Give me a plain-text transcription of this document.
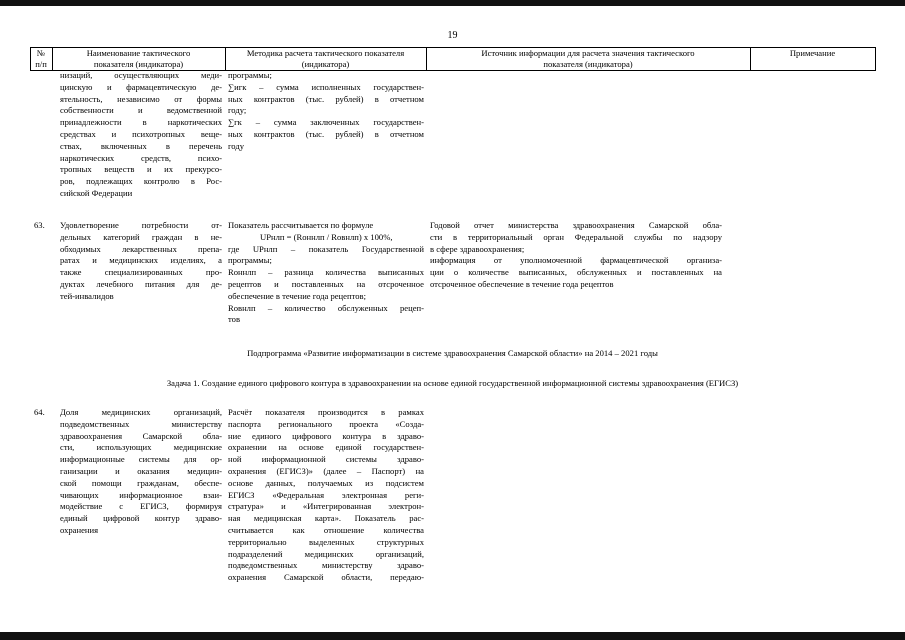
19
№
п/п
Наименование тактического
показателя (индикатора)
Методика расчета тактического показателя
(индикатора)
Источник информации для расчета значения тактического
показателя (индикатора)
Примечание
низаций, осуществляющих меди-
цинскую и фармацевтическую де-
ятельность, независимо от формы
собственности и ведомственной
принадлежности в наркотических
средствах и психотропных веще-
ствах, включенных в перечень
наркотических средств, психо-
тропных веществ и их прекурсо-
ров, подлежащих контролю в Рос-
сийской Федерации
программы;
∑игк – сумма исполненных государствен-
ных контрактов (тыс. рублей) в отчетном
году;
∑гк – сумма заключенных государствен-
ных контрактов (тыс. рублей) в отчетном
году
63. Удовлетворение потребности от-
дельных категорий граждан в не-
обходимых лекарственных препа-
ратах и медицинских изделиях, а
также специализированных про-
дуктах лечебного питания для де-
тей-инвалидов
Показатель рассчитывается по формуле
UPнлп = (Rоннлп / Rовнлп) х 100%,
где UPнлп – показатель Государственной
программы;
Rоннлп – разница количества выписанных
рецептов и поставленных на отсроченное
обеспечение в течение года рецептов;
Rовнлп – количество обслуженных рецеп-
тов
Годовой отчет министерства здравоохранения Самарской обла-
сти в территориальный орган Федеральной службы по надзору
в сфере здравоохранения;
информация от уполномоченной фармацевтической организа-
ции о количестве выписанных, обслуженных и поставленных на
отсроченное обеспечение в течение года рецептов
Подпрограмма «Развитие информатизации в системе здравоохранения Самарской области» на 2014 – 2021 годы
Задача 1. Создание единого цифрового контура в здравоохранении на основе единой государственной информационной системы здравоохранения (ЕГИСЗ)
64. Доля медицинских организаций,
подведомственных министерству
здравоохранения Самарской обла-
сти, использующих медицинские
информационные системы для ор-
ганизации и оказания медицин-
ской помощи гражданам, обеспе-
чивающих информационное взаи-
модействие с ЕГИСЗ, формируя
единый цифровой контур здраво-
охранения
Расчёт показателя производится в рамках
паспорта регионального проекта «Созда-
ние единого цифрового контура в здраво-
охранении на основе единой государствен-
ной информационной системы здраво-
охранения (ЕГИСЗ)» (далее – Паспорт) на
основе данных, получаемых из подсистем
ЕГИСЗ «Федеральная электронная реги-
стратура» и «Интегрированная электрон-
ная медицинская карта». Показатель рас-
считывается как отношение количества
территориально выделенных структурных
подразделений медицинских организаций,
подведомственных министерству здраво-
охранения Самарской области, передаю-
